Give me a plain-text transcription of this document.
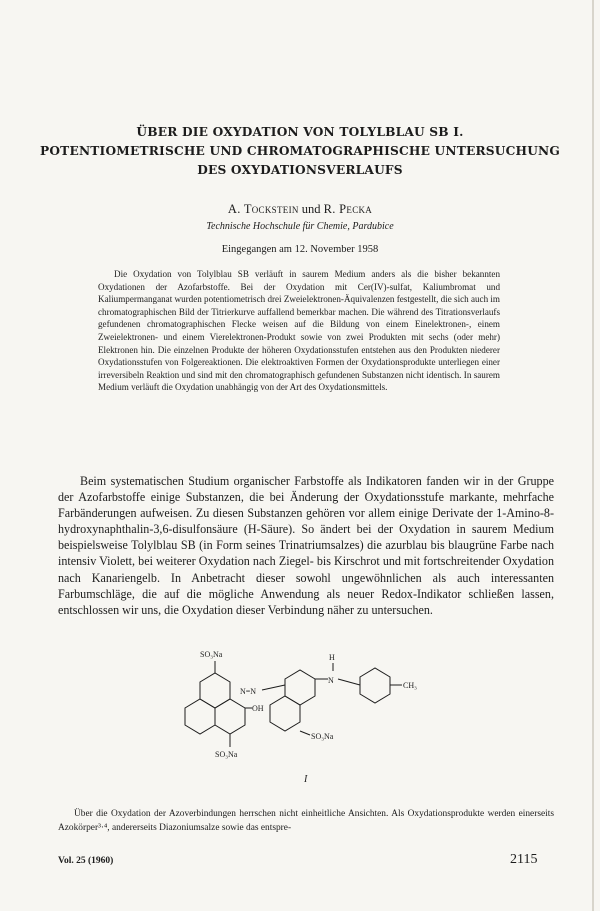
ÜBER DIE OXYDATION VON TOLYLBLAU SB I.
POTENTIOMETRISCHE UND CHROMATOGRAPHISCHE UNTERSUCHUNG
DES OXYDATIONSVERLAUFS
A. Tockstein und R. Pecka
Technische Hochschule für Chemie, Pardubice
Eingegangen am 12. November 1958
Die Oxydation von Tolylblau SB verläuft in saurem Medium anders als die bisher bekannten Oxydationen der Azofarbstoffe. Bei der Oxydation mit Cer(IV)-sulfat, Kaliumbromat und Kaliumpermanganat wurden potentiometrisch drei Zweielektronen-Äquivalenzen festgestellt, die sich auch im chromatographischen Bild der Titrierkurve auffallend bemerkbar machen. Die während des Titrationsverlaufs gefundenen chromatographischen Flecke weisen auf die Bildung von einem Einelektronen-, einem Zweielektronen- und einem Vierelektronen-Produkt sowie von zwei Produkten mit sechs (oder mehr) Elektronen hin. Die einzelnen Produkte der höheren Oxydationsstufen entstehen aus den Produkten niederer Oxydationsstufen von Folgereaktionen. Die elektroaktiven Formen der Oxydationsprodukte unterliegen einer irreversibeln Reaktion und sind mit den chromatographisch gefundenen Substanzen nicht identisch. In saurem Medium verläuft die Oxydation unabhängig von der Art des Oxydationsmittels.
Beim systematischen Studium organischer Farbstoffe als Indikatoren fanden wir in der Gruppe der Azofarbstoffe einige Substanzen, die bei Änderung der Oxydationsstufe markante, mehrfache Farbänderungen aufweisen. Zu diesen Substanzen gehören vor allem einige Derivate der 1-Amino-8-hydroxynaphthalin-3,6-disulfonsäure (H-Säure). So ändert bei der Oxydation in saurem Medium beispielsweise Tolylblau SB (in Form seines Trinatriumsalzes) die azurblau bis blaugrüne Farbe nach intensiv Violett, bei weiterer Oxydation nach Ziegel- bis Kirschrot und mit fortschreitender Oxydation nach Kanariengelb. In Anbetracht dieser sowohl ungewöhnlichen als auch interessanten Farbumschläge, die auf die mögliche Anwendung als neuer Redox-Indikator schließen lassen, entschlossen wir uns, die Oxydation dieser Verbindung näher zu untersuchen.
SO₃Na
N=N
OH
SO₃Na
SO₃Na
H
N
CH₃
I
Über die Oxydation der Azoverbindungen herrschen nicht einheitliche Ansichten. Als Oxydationsprodukte werden einerseits Azokörper³·⁴, andererseits Diazoniumsalze sowie das entspre-
Vol. 25 (1960)	2115
